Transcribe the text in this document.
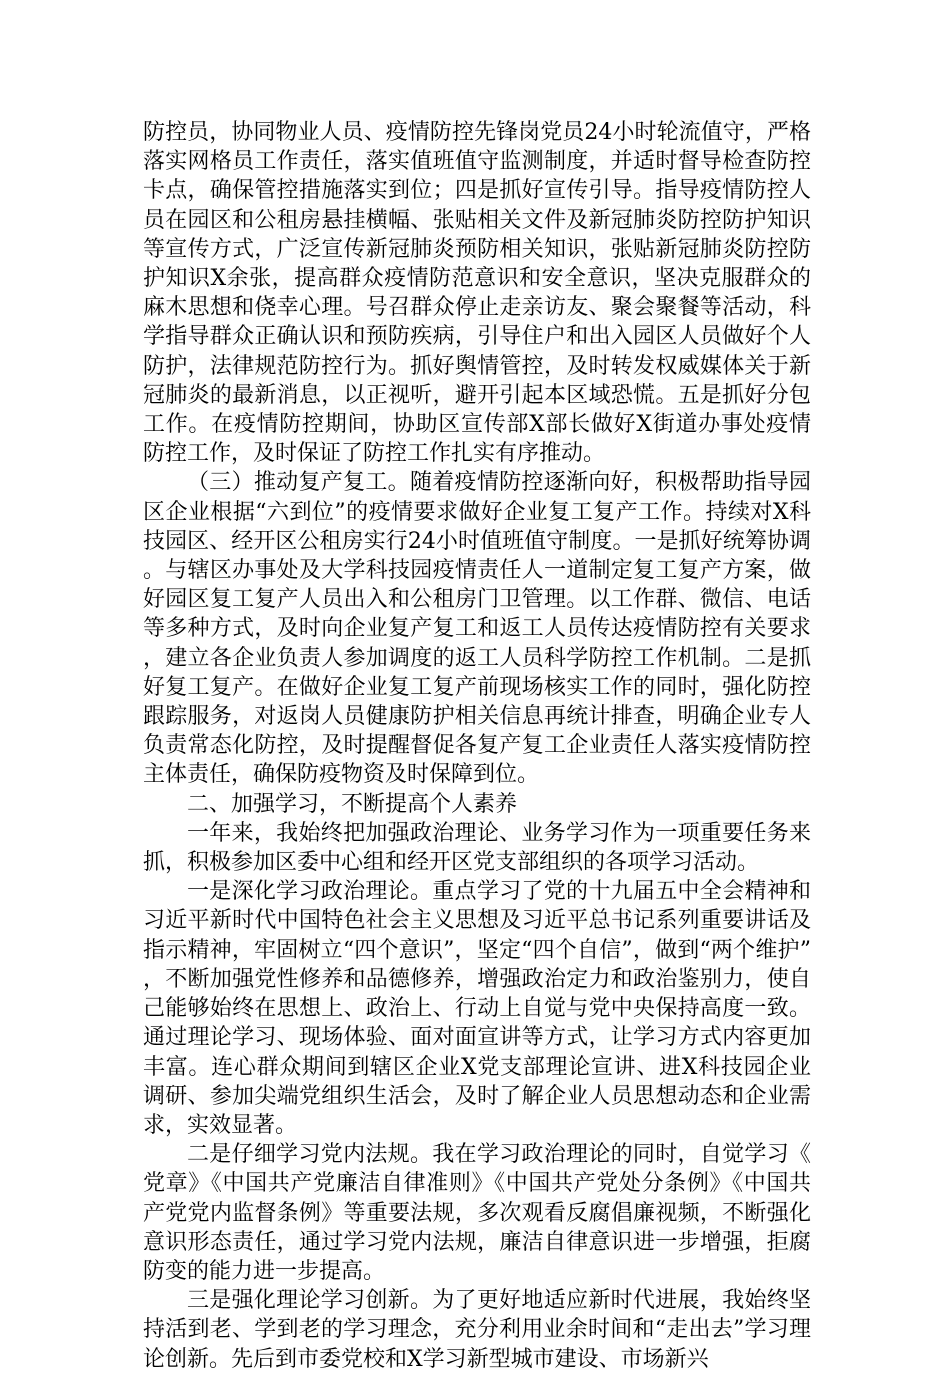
防控员，协同物业人员、疫情防控先锋岗党员24小时轮流值守，严格落实网格员工作责任，落实值班值守监测制度，并适时督导检查防控卡点，确保管控措施落实到位；四是抓好宣传引导。指导疫情防控人员在园区和公租房悬挂横幅、张贴相关文件及新冠肺炎防控防护知识等宣传方式，广泛宣传新冠肺炎预防相关知识，张贴新冠肺炎防控防护知识X余张，提高群众疫情防范意识和安全意识，坚决克服群众的麻木思想和侥幸心理。号召群众停止走亲访友、聚会聚餐等活动，科学指导群众正确认识和预防疾病，引导住户和出入园区人员做好个人防护，法律规范防控行为。抓好舆情管控，及时转发权威媒体关于新冠肺炎的最新消息，以正视听，避开引起本区域恐慌。五是抓好分包工作。在疫情防控期间，协助区宣传部X部长做好X街道办事处疫情防控工作，及时保证了防控工作扎实有序推动。

（三）推动复产复工。随着疫情防控逐渐向好，积极帮助指导园区企业根据“六到位”的疫情要求做好企业复工复产工作。持续对X科技园区、经开区公租房实行24小时值班值守制度。一是抓好统筹协调。与辖区办事处及大学科技园疫情责任人一道制定复工复产方案，做好园区复工复产人员出入和公租房门卫管理。以工作群、微信、电话等多种方式，及时向企业复产复工和返工人员传达疫情防控有关要求，建立各企业负责人参加调度的返工人员科学防控工作机制。二是抓好复工复产。在做好企业复工复产前现场核实工作的同时，强化防控跟踪服务，对返岗人员健康防护相关信息再统计排查，明确企业专人负责常态化防控，及时提醒督促各复产复工企业责任人落实疫情防控主体责任，确保防疫物资及时保障到位。

二、加强学习，不断提高个人素养

一年来，我始终把加强政治理论、业务学习作为一项重要任务来抓，积极参加区委中心组和经开区党支部组织的各项学习活动。

一是深化学习政治理论。重点学习了党的十九届五中全会精神和习近平新时代中国特色社会主义思想及习近平总书记系列重要讲话及指示精神，牢固树立“四个意识”，坚定“四个自信”，做到“两个维护”，不断加强党性修养和品德修养，增强政治定力和政治鉴别力，使自己能够始终在思想上、政治上、行动上自觉与党中央保持高度一致。通过理论学习、现场体验、面对面宣讲等方式，让学习方式内容更加丰富。连心群众期间到辖区企业X党支部理论宣讲、进X科技园企业调研、参加尖端党组织生活会，及时了解企业人员思想动态和企业需求，实效显著。

二是仔细学习党内法规。我在学习政治理论的同时，自觉学习《党章》《中国共产党廉洁自律准则》《中国共产党处分条例》《中国共产党党内监督条例》等重要法规，多次观看反腐倡廉视频，不断强化意识形态责任，通过学习党内法规，廉洁自律意识进一步增强，拒腐防变的能力进一步提高。

三是强化理论学习创新。为了更好地适应新时代进展，我始终坚持活到老、学到老的学习理念，充分利用业余时间和“走出去”学习理论创新。先后到市委党校和X学习新型城市建设、市场新兴
